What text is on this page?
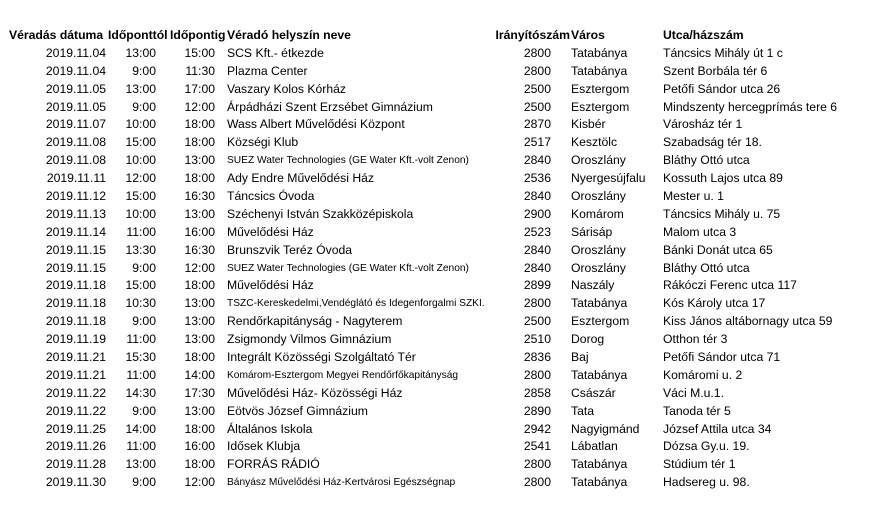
Véradás dátuma Időponttól Időpontig Véradó helyszín neve	Irányítószám Város	Utca/házszám
2019.11.04	13:00	15:00 SCS Kft.- étkezde	2800 Tatabánya	Táncsics Mihály út 1 c
2019.11.04	9:00	11:30 Plazma Center	2800 Tatabánya	Szent Borbála tér 6
2019.11.05	13:00	17:00 Vaszary Kolos Kórház	2500 Esztergom	Petőfi Sándor utca 26
2019.11.05	9:00	12:00 Árpádházi Szent Erzsébet Gimnázium	2500 Esztergom	Mindszenty hercegprímás tere 6
2019.11.07	10:00	18:00 Wass Albert Művelődési Központ	2870 Kisbér	Városház tér 1
2019.11.08	15:00	18:00 Községi Klub	2517 Kesztölc	Szabadság tér 18.
2019.11.08	10:00	13:00 SUEZ Water Technologies (GE Water Kft.-volt Zenon)	2840 Oroszlány	Bláthy Ottó utca
2019.11.11	12:00	18:00 Ady Endre Művelődési Ház	2536 Nyergesújfalu	Kossuth Lajos utca 89
2019.11.12	15:00	16:30 Táncsics Óvoda	2840 Oroszlány	Mester u. 1
2019.11.13	10:00	13:00 Széchenyi István Szakközépiskola	2900 Komárom	Táncsics Mihály u. 75
2019.11.14	11:00	16:00 Művelődési Ház	2523 Sárisáp	Malom utca 3
2019.11.15	13:30	16:30 Brunszvik Teréz Óvoda	2840 Oroszlány	Bánki Donát utca 65
2019.11.15	9:00	12:00 SUEZ Water Technologies (GE Water Kft.-volt Zenon)	2840 Oroszlány	Bláthy Ottó utca
2019.11.18	15:00	18:00 Művelődési Ház	2899 Naszály	Rákóczi Ferenc utca 117
2019.11.18	10:30	13:00 TSZC-Kereskedelmi,Vendéglátó és Idegenforgalmi SZKI.	2800 Tatabánya	Kós Károly utca 17
2019.11.18	9:00	13:00 Rendőrkapitányság - Nagyterem	2500 Esztergom	Kiss János altábornagy utca 59
2019.11.19	11:00	13:00 Zsigmondy Vilmos Gimnázium	2510 Dorog	Otthon tér 3
2019.11.21	15:30	18:00 Integrált Közösségi Szolgáltató Tér	2836 Baj	Petőfi Sándor utca 71
2019.11.21	11:00	14:00 Komárom-Esztergom Megyei Rendőrfőkapitányság	2800 Tatabánya	Komáromi u. 2
2019.11.22	14:30	17:30 Művelődési Ház- Közösségi Ház	2858 Császár	Váci M.u.1.
2019.11.22	9:00	13:00 Eötvös József Gimnázium	2890 Tata	Tanoda tér 5
2019.11.25	14:00	18:00 Általános Iskola	2942 Nagyigmánd	József Attila utca 34
2019.11.26	11:00	16:00 Idősek Klubja	2541 Lábatlan	Dózsa Gy.u. 19.
2019.11.28	13:00	18:00 FORRÁS RÁDIÓ	2800 Tatabánya	Stúdium tér 1
2019.11.30	9:00	12:00 Bányász Művelődési Ház-Kertvárosi Egészségnap	2800 Tatabánya	Hadsereg u. 98.
